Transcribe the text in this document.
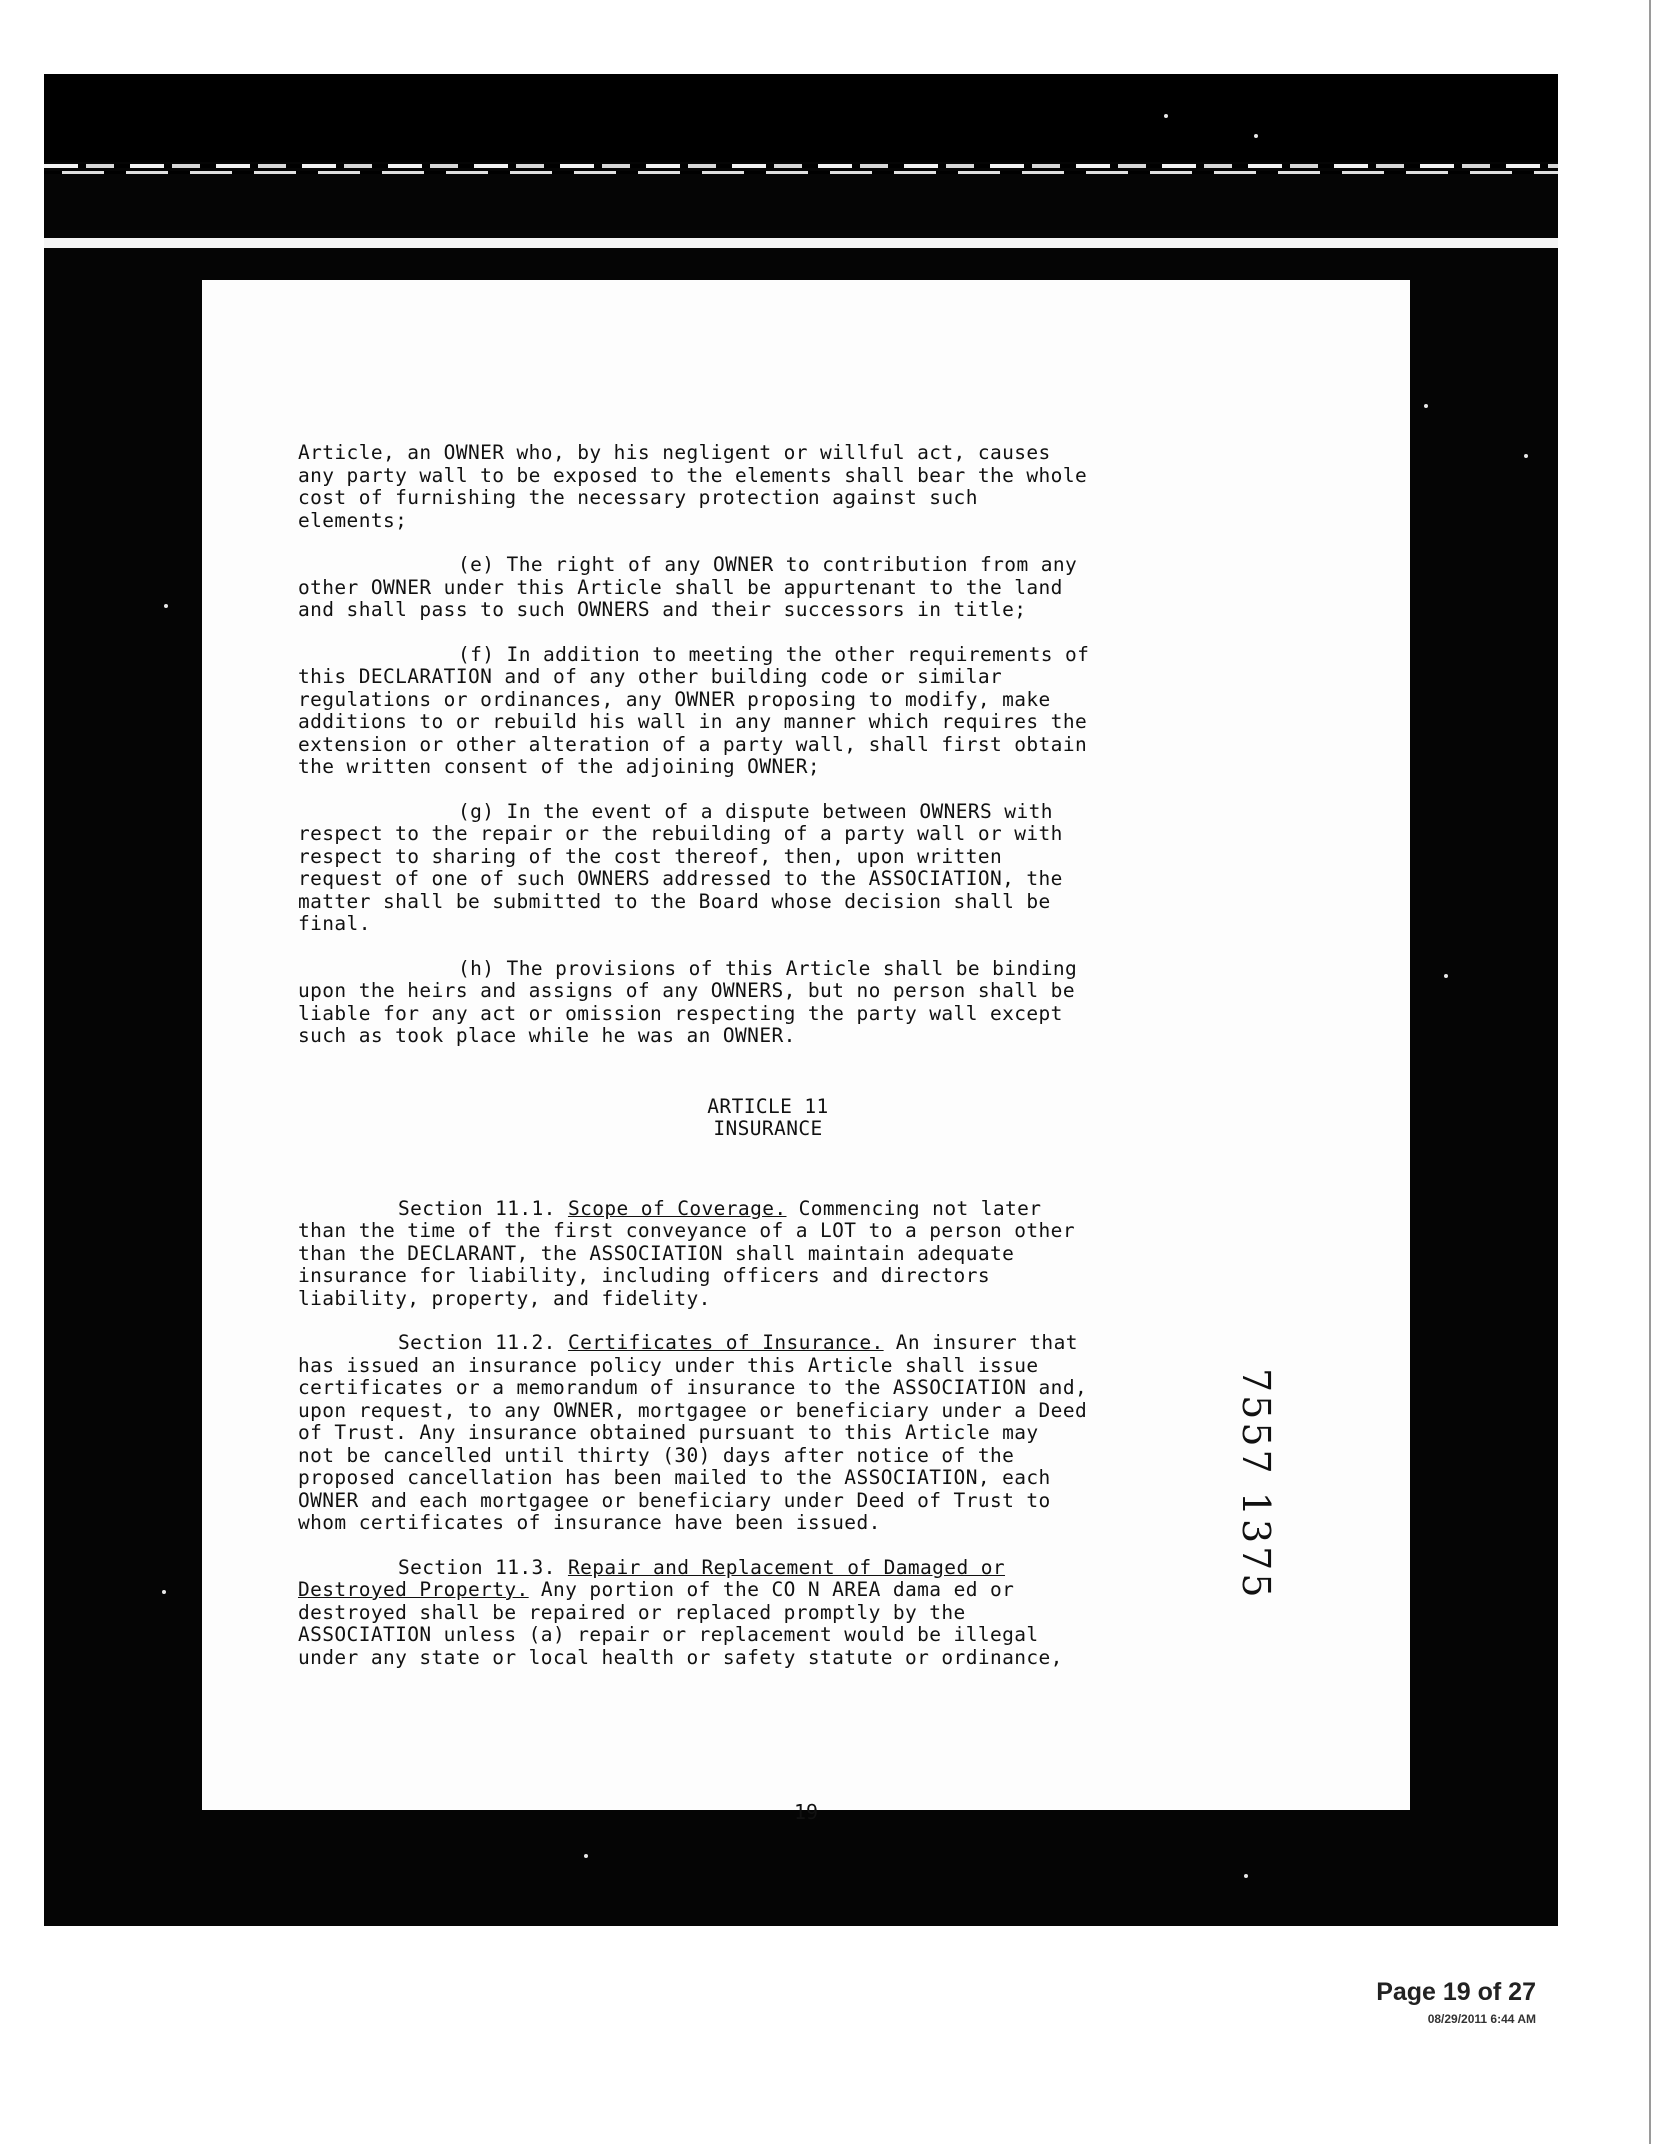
Article, an OWNER who, by his negligent or willful act, causes
any party wall to be exposed to the elements shall bear the whole
cost of furnishing the necessary protection against such
elements;

(e) The right of any OWNER to contribution from any
other OWNER under this Article shall be appurtenant to the land
and shall pass to such OWNERS and their successors in title;

(f) In addition to meeting the other requirements of
this DECLARATION and of any other building code or similar
regulations or ordinances, any OWNER proposing to modify, make
additions to or rebuild his wall in any manner which requires the
extension or other alteration of a party wall, shall first obtain
the written consent of the adjoining OWNER;

(g) In the event of a dispute between OWNERS with
respect to the repair or the rebuilding of a party wall or with
respect to sharing of the cost thereof, then, upon written
request of one of such OWNERS addressed to the ASSOCIATION, the
matter shall be submitted to the Board whose decision shall be
final.

(h) The provisions of this Article shall be binding
upon the heirs and assigns of any OWNERS, but no person shall be
liable for any act or omission respecting the party wall except
such as took place while he was an OWNER.

ARTICLE 11
INSURANCE

Section 11.1. Scope of Coverage. Commencing not later
than the time of the first conveyance of a LOT to a person other
than the DECLARANT, the ASSOCIATION shall maintain adequate
insurance for liability, including officers and directors
liability, property, and fidelity.

Section 11.2. Certificates of Insurance. An insurer that
has issued an insurance policy under this Article shall issue
certificates or a memorandum of insurance to the ASSOCIATION and,
upon request, to any OWNER, mortgagee or beneficiary under a Deed
of Trust. Any insurance obtained pursuant to this Article may
not be cancelled until thirty (30) days after notice of the
proposed cancellation has been mailed to the ASSOCIATION, each
OWNER and each mortgagee or beneficiary under Deed of Trust to
whom certificates of insurance have been issued.

Section 11.3. Repair and Replacement of Damaged or
Destroyed Property. Any portion of the CO N AREA dama ed or
destroyed shall be repaired or replaced promptly by the
ASSOCIATION unless (a) repair or replacement would be illegal
under any state or local health or safety statute or ordinance,

7557 1375
19
Page 19 of 27
08/29/2011 6:44 AM
